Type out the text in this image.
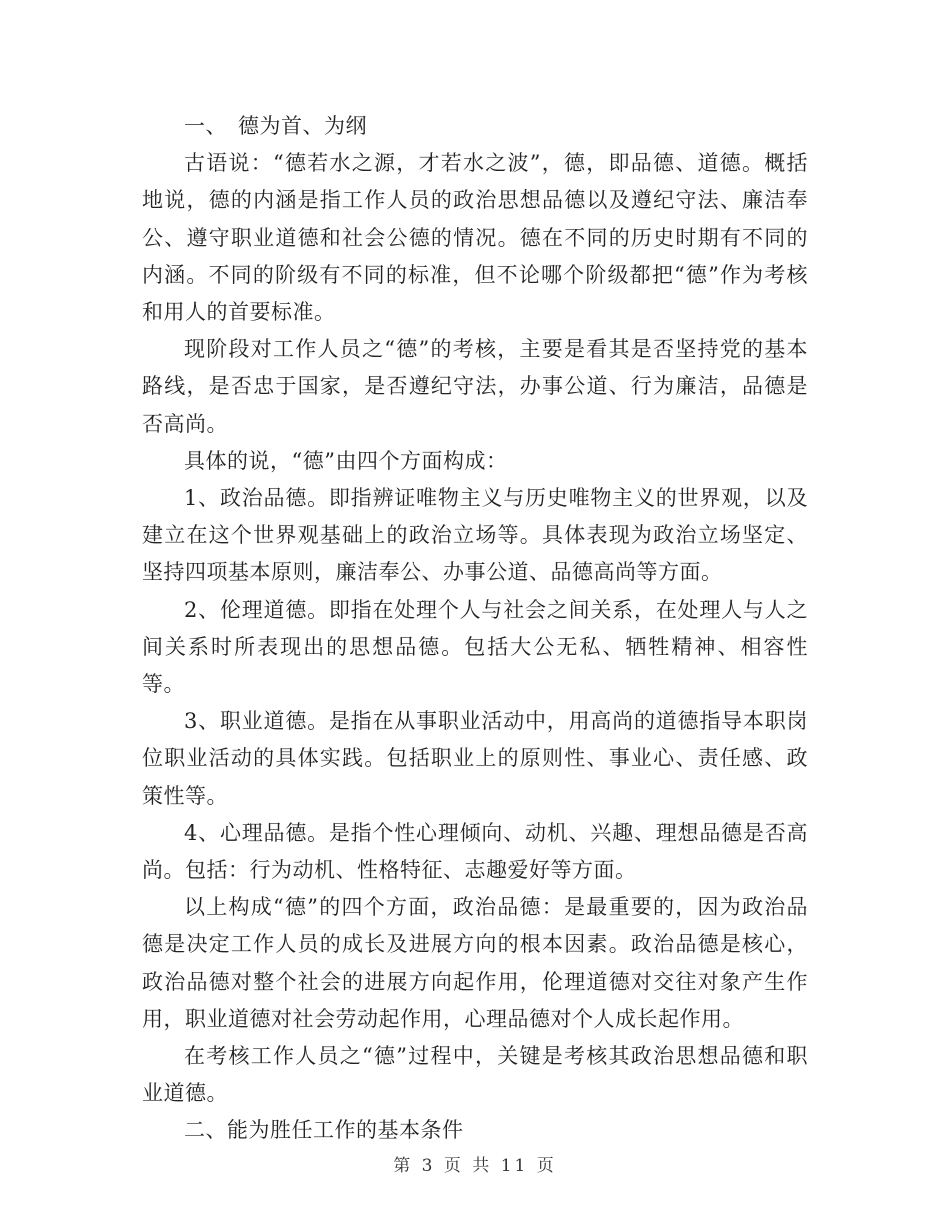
一、　德为首、为纲

古语说：“德若水之源，才若水之波”，德，即品德、道德。概括地说，德的内涵是指工作人员的政治思想品德以及遵纪守法、廉洁奉公、遵守职业道德和社会公德的情况。德在不同的历史时期有不同的内涵。不同的阶级有不同的标准，但不论哪个阶级都把“德”作为考核和用人的首要标准。

现阶段对工作人员之“德”的考核，主要是看其是否坚持党的基本路线，是否忠于国家，是否遵纪守法，办事公道、行为廉洁，品德是否高尚。

具体的说，“德”由四个方面构成：

1、政治品德。即指辨证唯物主义与历史唯物主义的世界观，以及建立在这个世界观基础上的政治立场等。具体表现为政治立场坚定、坚持四项基本原则，廉洁奉公、办事公道、品德高尚等方面。

2、伦理道德。即指在处理个人与社会之间关系，在处理人与人之间关系时所表现出的思想品德。包括大公无私、牺牲精神、相容性等。

3、职业道德。是指在从事职业活动中，用高尚的道德指导本职岗位职业活动的具体实践。包括职业上的原则性、事业心、责任感、政策性等。

4、心理品德。是指个性心理倾向、动机、兴趣、理想品德是否高尚。包括：行为动机、性格特征、志趣爱好等方面。

以上构成“德”的四个方面，政治品德：是最重要的，因为政治品德是决定工作人员的成长及进展方向的根本因素。政治品德是核心，政治品德对整个社会的进展方向起作用，伦理道德对交往对象产生作用，职业道德对社会劳动起作用，心理品德对个人成长起作用。

在考核工作人员之“德”过程中，关键是考核其政治思想品德和职业道德。

二、能为胜任工作的基本条件

第 3 页 共 11 页
